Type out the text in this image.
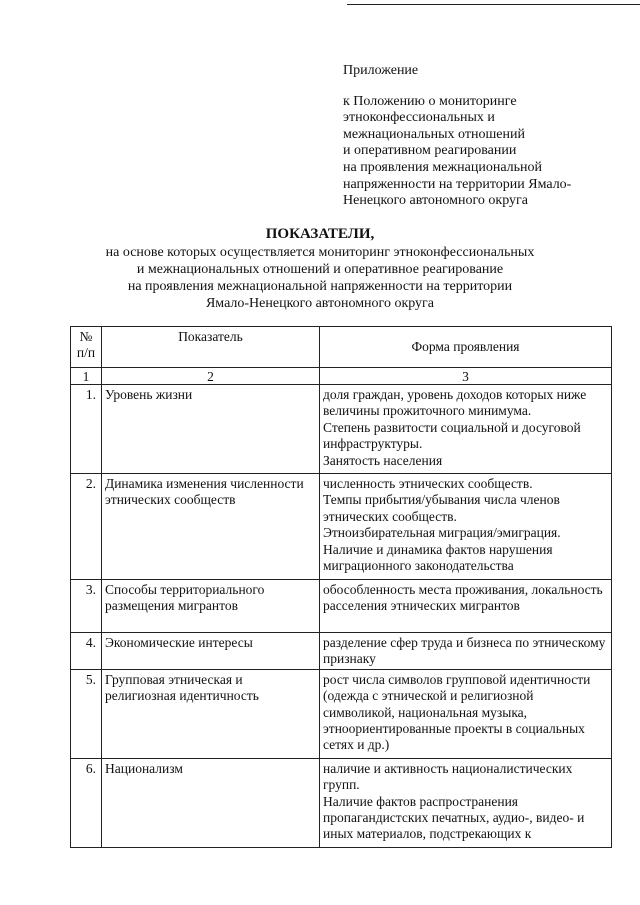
Приложение
к Положению о мониторинге
этноконфессиональных и
межнациональных отношений
и оперативном реагировании
на проявления межнациональной
напряженности на территории Ямало-
Ненецкого автономного округа
ПОКАЗАТЕЛИ,
на основе которых осуществляется мониторинг этноконфессиональных
и межнациональных отношений и оперативное реагирование
на проявления межнациональной напряженности на территории
Ямало-Ненецкого автономного округа
№ п/п	Показатель	Форма проявления
1	2	3
1.	Уровень жизни	доля граждан, уровень доходов которых ниже величины прожиточного минимума.

Степень развитости социальной и досуговой инфраструктуры.

Занятость населения

2.	Динамика изменения численности этнических сообществ	численность этнических сообществ.

Темпы прибытия/убывания числа членов этнических сообществ.

Этноизбирательная миграция/эмиграция.

Наличие и динамика фактов нарушения миграционного законодательства

3.	Способы территориального размещения мигрантов	обособленность места проживания, локальность расселения этнических мигрантов

4.	Экономические интересы	разделение сфер труда и бизнеса по этническому признаку

5.	Групповая этническая и религиозная идентичность	рост числа символов групповой идентичности (одежда с этнической и религиозной символикой, национальная музыка, этноориентированные проекты в социальных сетях и др.)

6.	Национализм	наличие и активность националистических групп.

Наличие фактов распространения пропагандистских печатных, аудио-, видео- и иных материалов, подстрекающих к
